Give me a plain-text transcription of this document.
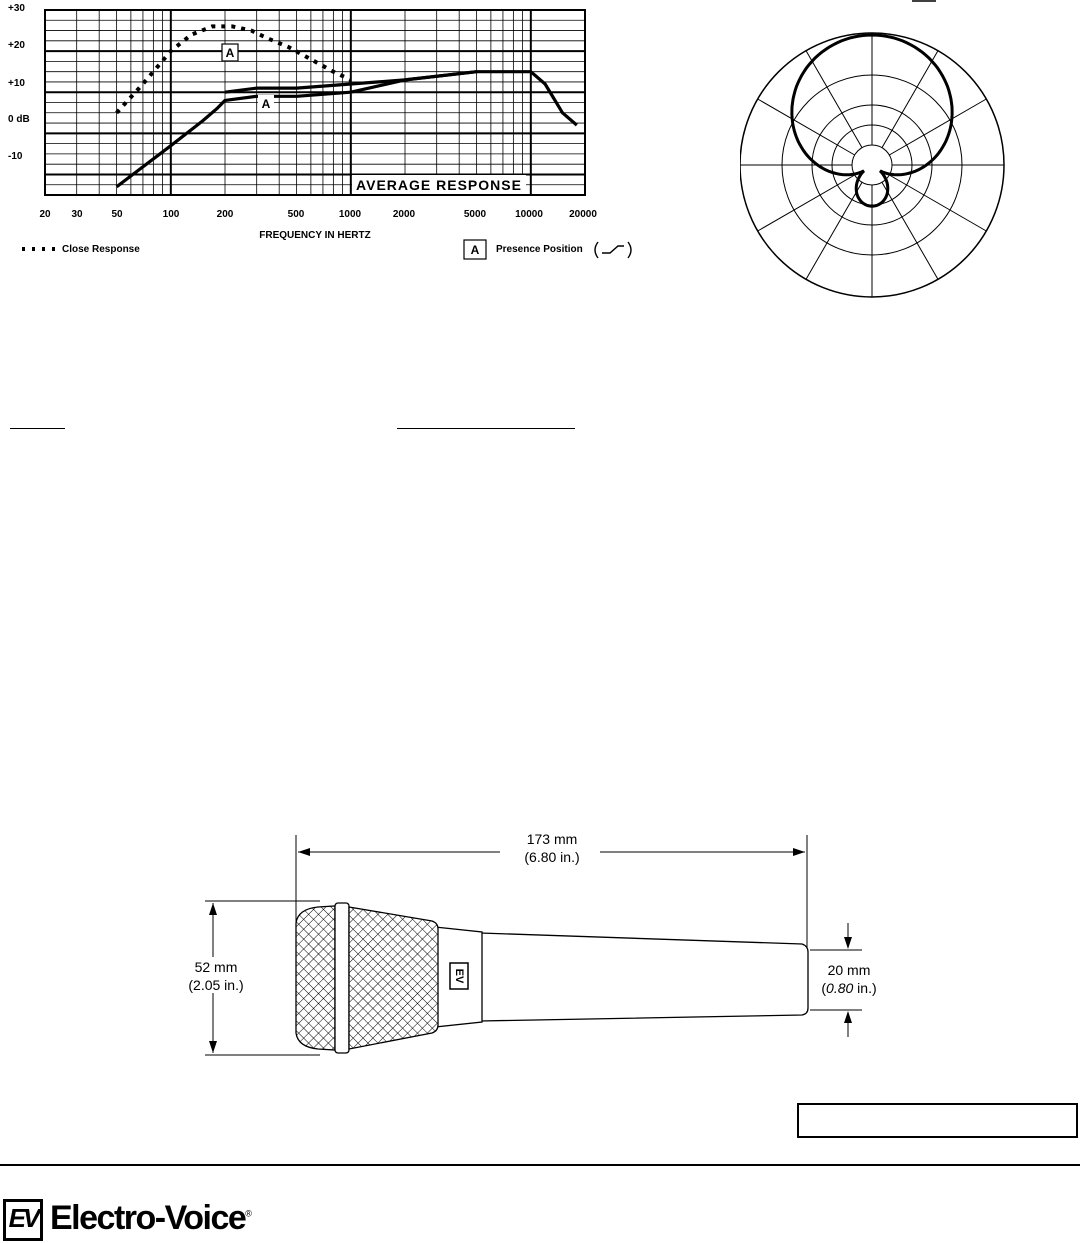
+30
+20
+10
0 dB
-10
20 30	50	100	200	500	1000	2000	5000	10000	20000
FREQUENCY IN HERTZ
AVERAGE RESPONSE
A
A
Close Response	A Presence Position
173 mm
(6.80 in.)
52 mm
(2.05 in.)
20 mm
(0.80 in.)
EV
EV Electro-Voice®
